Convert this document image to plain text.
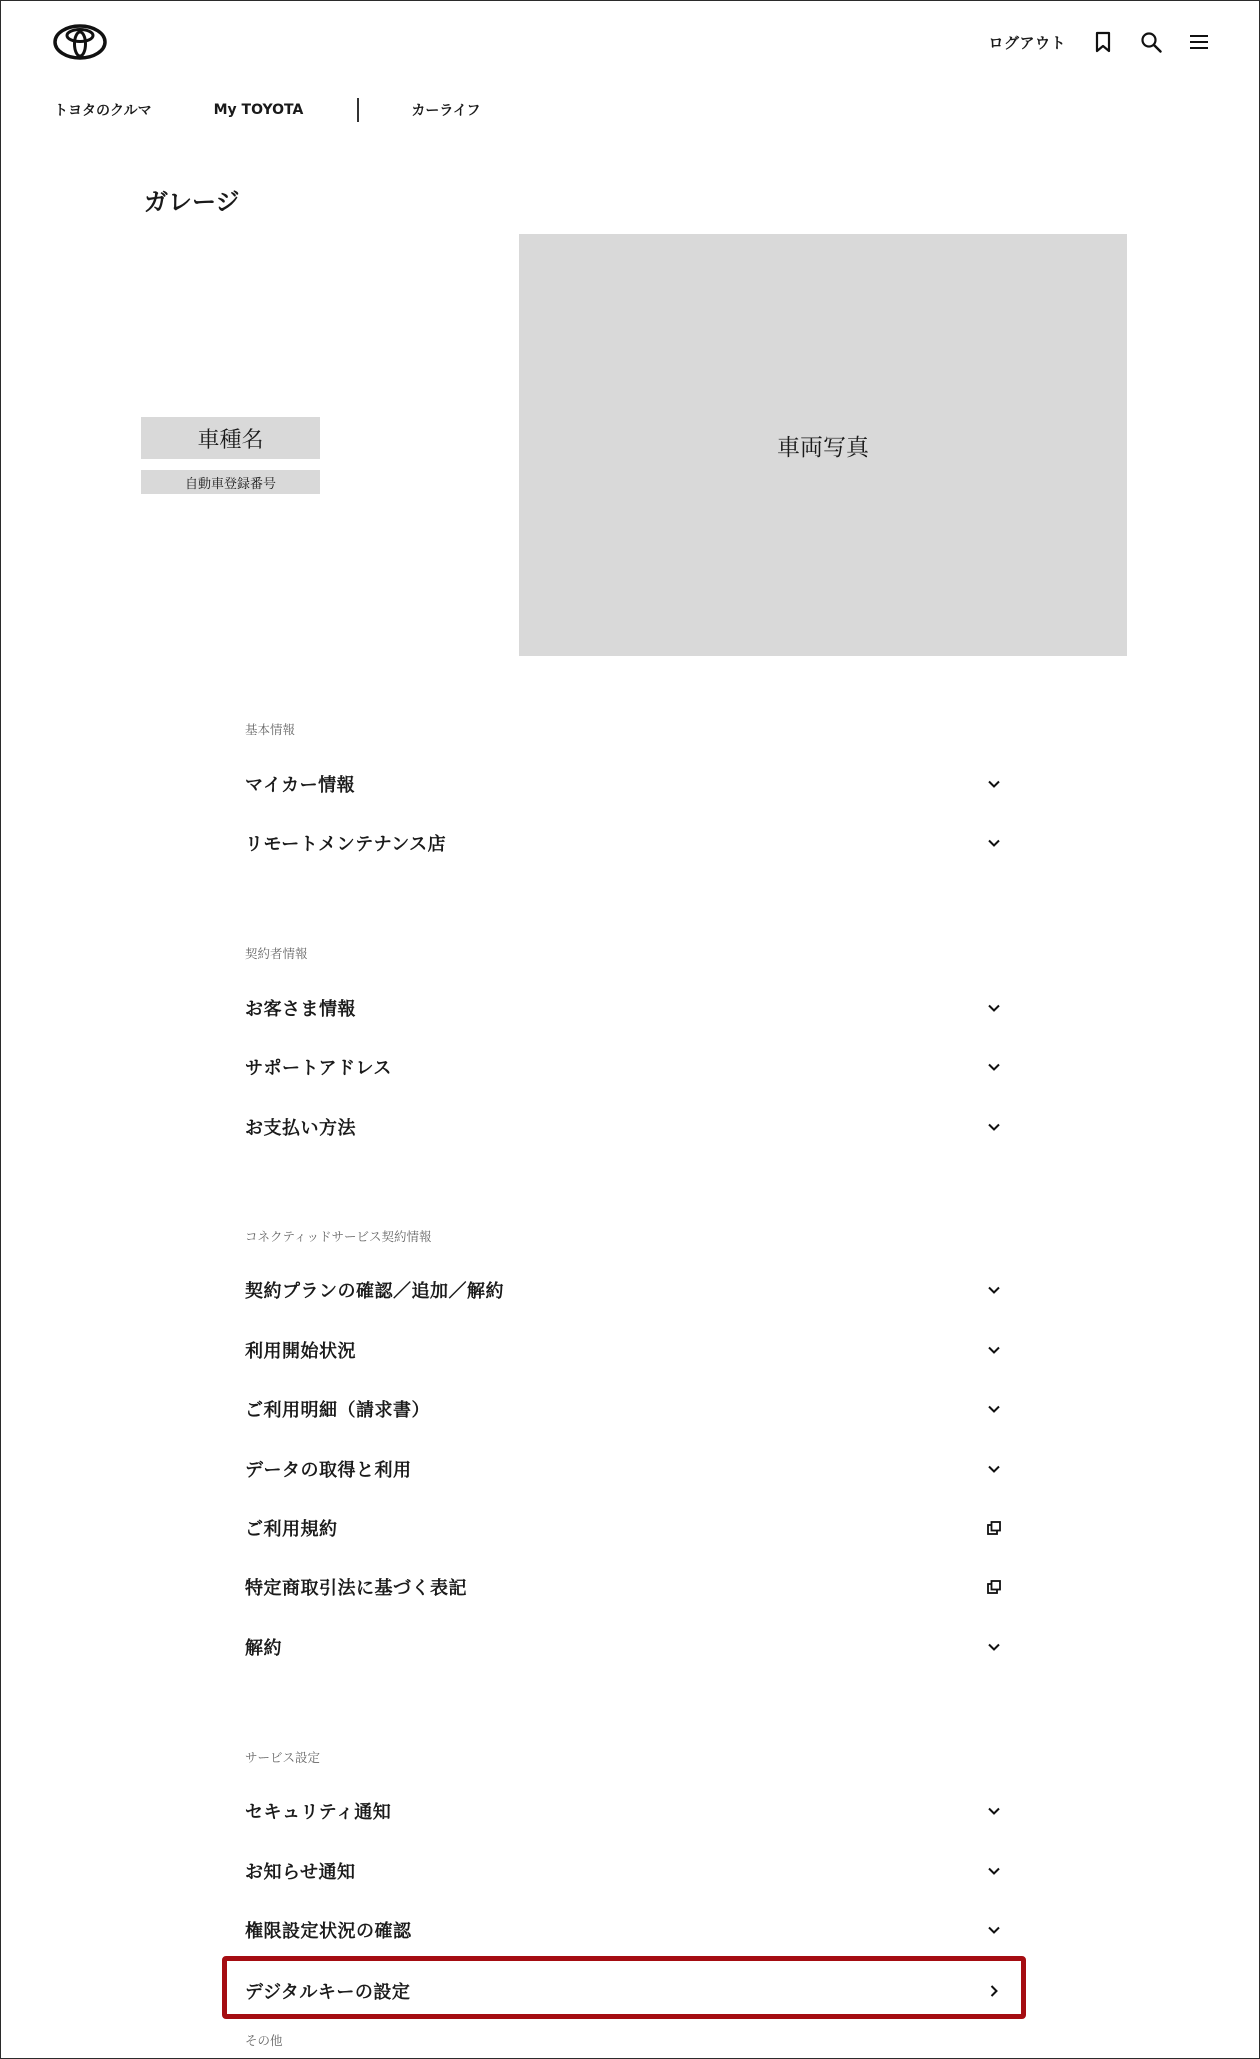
ログアウト
トヨタのクルマ	My TOYOTA	カーライフ
ガレージ
車種名
自動車登録番号
車両写真
基本情報
マイカー情報
リモートメンテナンス店
契約者情報
お客さま情報
サポートアドレス
お支払い方法
コネクティッドサービス契約情報
契約プランの確認／追加／解約
利用開始状況
ご利用明細（請求書）
データの取得と利用
ご利用規約
特定商取引法に基づく表記
解約
サービス設定
セキュリティ通知
お知らせ通知
権限設定状況の確認
デジタルキーの設定
その他
